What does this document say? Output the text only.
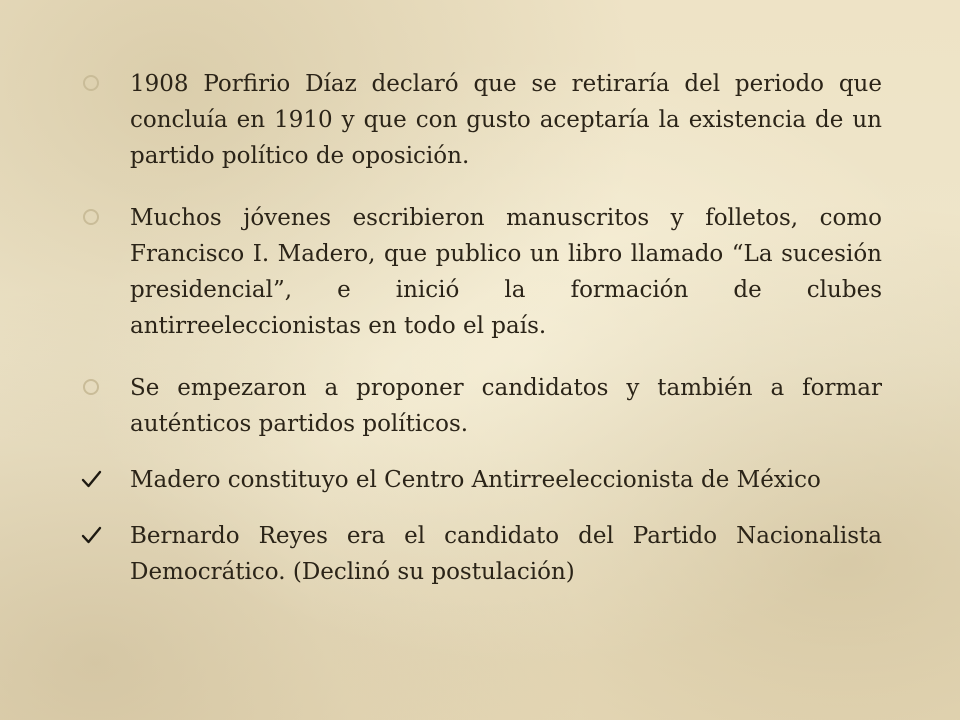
1908 Porfirio Díaz declaró que se retiraría del periodo que concluía en 1910 y que con gusto aceptaría la existencia de un partido político de oposición.
Muchos jóvenes escribieron manuscritos y folletos, como Francisco I. Madero, que publico un libro llamado “La sucesión presidencial”, e inició la formación de clubes antirreeleccionistas en todo el país.
Se empezaron a proponer candidatos y también a formar auténticos partidos políticos.
Madero constituyo el Centro Antirreeleccionista de México
Bernardo Reyes era el candidato del Partido Nacionalista Democrático. (Declinó su postulación)
